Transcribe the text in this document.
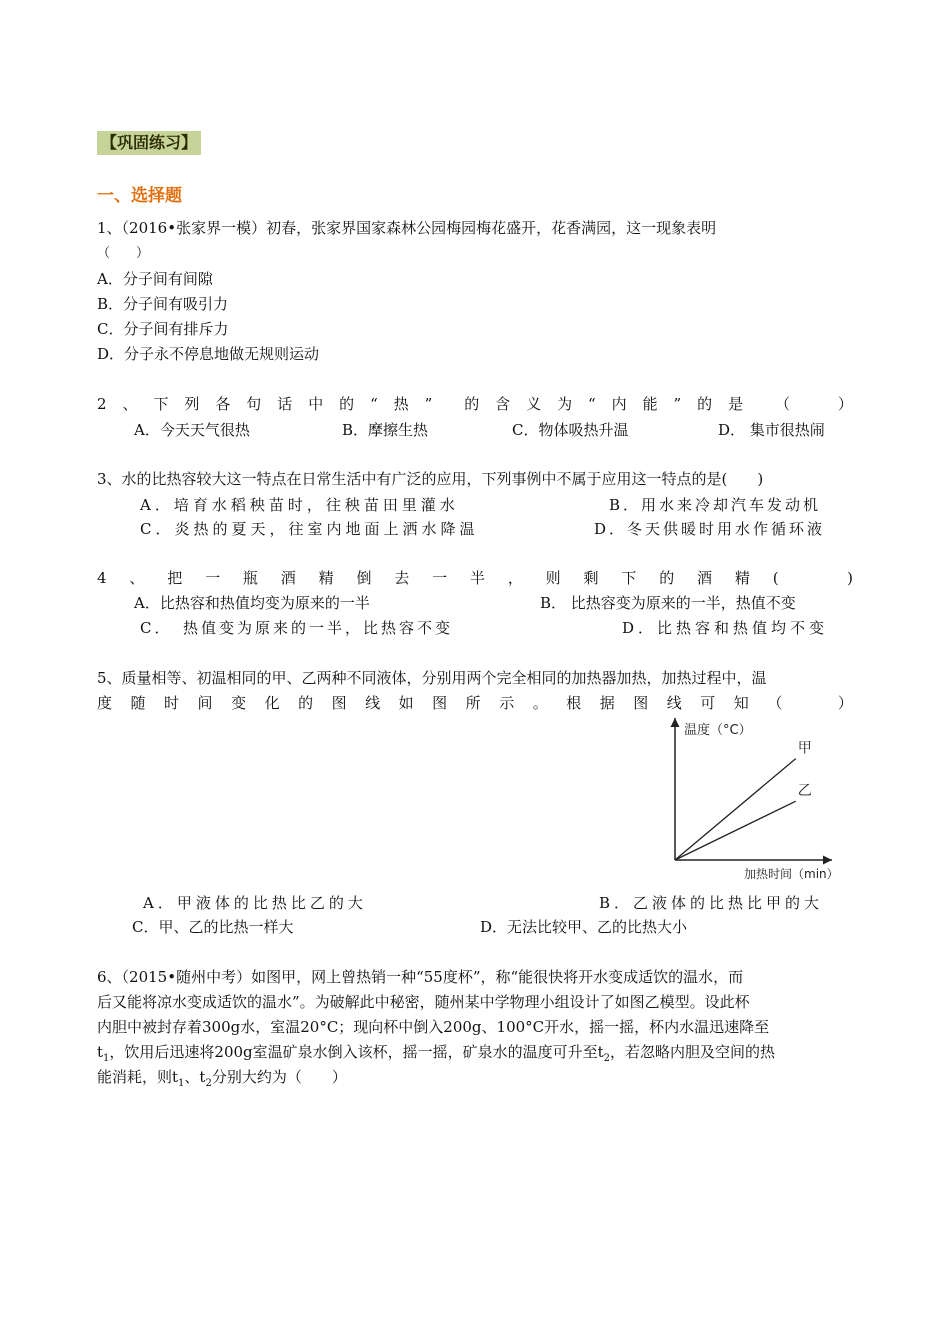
【巩固练习】
一、选择题
1、（2016•张家界一模）初春，张家界国家森林公园梅园梅花盛开，花香满园，这一现象表明
（　　）
A．分子间有间隙
B．分子间有吸引力
C．分子间有排斥力
D．分子永不停息地做无规则运动
2 、 下 列 各 句 话 中 的 “ 热 ” 的 含 义 为 “ 内 能 ” 的 是 （	）
A．今天天气很热	B．摩擦生热	C．物体吸热升温	D． 集市很热闹
3、水的比热容较大这一特点在日常生活中有广泛的应用，下列事例中不属于应用这一特点的是(　　)
A．培育水稻秧苗时，往秧苗田里灌水	B．用水来冷却汽车发动机
C．炎热的夏天，往室内地面上洒水降温	D．冬天供暖时用水作循环液
4 、 把 一 瓶 酒 精 倒 去 一 半 ， 则 剩 下 的 酒 精 (	)
A．比热容和热值均变为原来的一半	B． 比热容变为原来的一半，热值不变
C．　热值变为原来的一半，比热容不变	D．比热容和热值均不变
5、质量相等、初温相同的甲、乙两种不同液体，分别用两个完全相同的加热器加热，加热过程中，温
度 随 时 间 变 化 的 图 线 如 图 所 示 。 根 据 图 线 可 知 （	）
温度（°C）
加热时间（min）
甲
乙
A．甲液体的比热比乙的大	B．乙液体的比热比甲的大
C．甲、乙的比热一样大	D．无法比较甲、乙的比热大小
6、（2015•随州中考）如图甲，网上曾热销一种“55度杯”，称“能很快将开水变成适饮的温水，而
后又能将凉水变成适饮的温水”。为破解此中秘密，随州某中学物理小组设计了如图乙模型。设此杯
内胆中被封存着300g水，室温20°C；现向杯中倒入200g、100°C开水，摇一摇，杯内水温迅速降至
$t_1$，饮用后迅速将200g室温矿泉水倒入该杯，摇一摇，矿泉水的温度可升至$t_2$，若忽略内胆及空间的热
能消耗，则$t_1$、$t_2$分别大约为（　　）
